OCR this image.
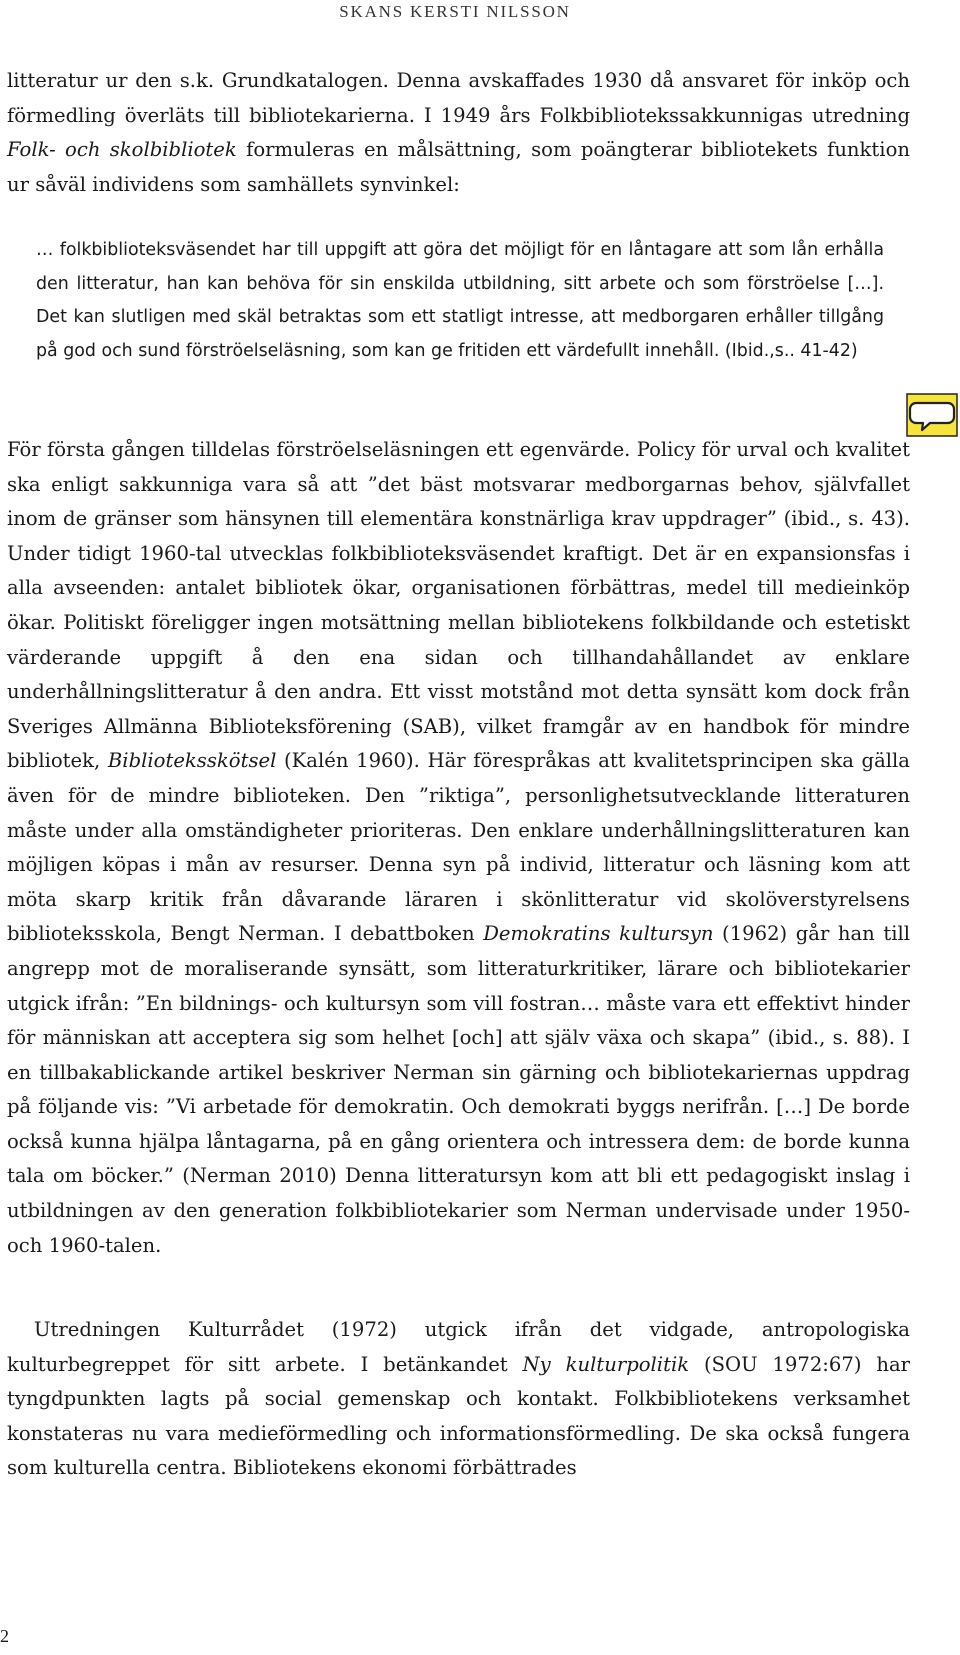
SKANS KERSTI NILSSON

litteratur ur den s.k. Grundkatalogen. Denna avskaffades 1930 då ansvaret för inköp och förmedling överläts till bibliotekarierna. I 1949 års Folkbibliotekssakkunnigas utredning Folk- och skolbibliotek formuleras en målsättning, som poängterar bibliotekets funktion ur såväl individens som samhällets synvinkel:

… folkbiblioteksväsendet har till uppgift att göra det möjligt för en låntagare att som lån erhålla den litteratur, han kan behöva för sin enskilda utbildning, sitt arbete och som förströelse […]. Det kan slutligen med skäl betraktas som ett statligt intresse, att medborgaren erhåller tillgång på god och sund förströelseläsning, som kan ge fritiden ett värdefullt innehåll. (Ibid.,s.. 41-42)

För första gången tilldelas förströelseläsningen ett egenvärde. Policy för urval och kvalitet ska enligt sakkunniga vara så att ”det bäst motsvarar medborgarnas behov, självfallet inom de gränser som hänsynen till elementära konstnärliga krav uppdrager” (ibid., s. 43). Under tidigt 1960-tal utvecklas folkbiblioteksväsendet kraftigt. Det är en expansionsfas i alla avseenden: antalet bibliotek ökar, organisationen förbättras, medel till medieinköp ökar. Politiskt föreligger ingen motsättning mellan bibliotekens folkbildande och estetiskt värderande uppgift å den ena sidan och tillhandahållandet av enklare underhållningslitteratur å den andra. Ett visst motstånd mot detta synsätt kom dock från Sveriges Allmänna Biblioteksförening (SAB), vilket framgår av en handbok för mindre bibliotek, Biblioteksskötsel (Kalén 1960). Här förespråkas att kvalitetsprincipen ska gälla även för de mindre biblioteken. Den ”riktiga”, personlighetsutvecklande litteraturen måste under alla omständigheter prioriteras. Den enklare underhållningslitteraturen kan möjligen köpas i mån av resurser. Denna syn på individ, litteratur och läsning kom att möta skarp kritik från dåvarande läraren i skönlitteratur vid skolöverstyrelsens biblioteksskola, Bengt Nerman. I debattboken Demokratins kultursyn (1962) går han till angrepp mot de moraliserande synsätt, som litteraturkritiker, lärare och bibliotekarier utgick ifrån: ”En bildnings- och kultursyn som vill fostran… måste vara ett effektivt hinder för människan att acceptera sig som helhet [och] att själv växa och skapa” (ibid., s. 88). I en tillbakablickande artikel beskriver Nerman sin gärning och bibliotekariernas uppdrag på följande vis: ”Vi arbetade för demokratin. Och demokrati byggs nerifrån. […] De borde också kunna hjälpa låntagarna, på en gång orientera och intressera dem: de borde kunna tala om böcker.” (Nerman 2010) Denna litteratursyn kom att bli ett pedagogiskt inslag i utbildningen av den generation folkbibliotekarier som Nerman undervisade under 1950- och 1960-talen.

Utredningen Kulturrådet (1972) utgick ifrån det vidgade, antropologiska kulturbegreppet för sitt arbete. I betänkandet Ny kulturpolitik (SOU 1972:67) har tyngdpunkten lagts på social gemenskap och kontakt. Folkbibliotekens verksamhet konstateras nu vara medieförmedling och informationsförmedling. De ska också fungera som kulturella centra. Bibliotekens ekonomi förbättrades

2
